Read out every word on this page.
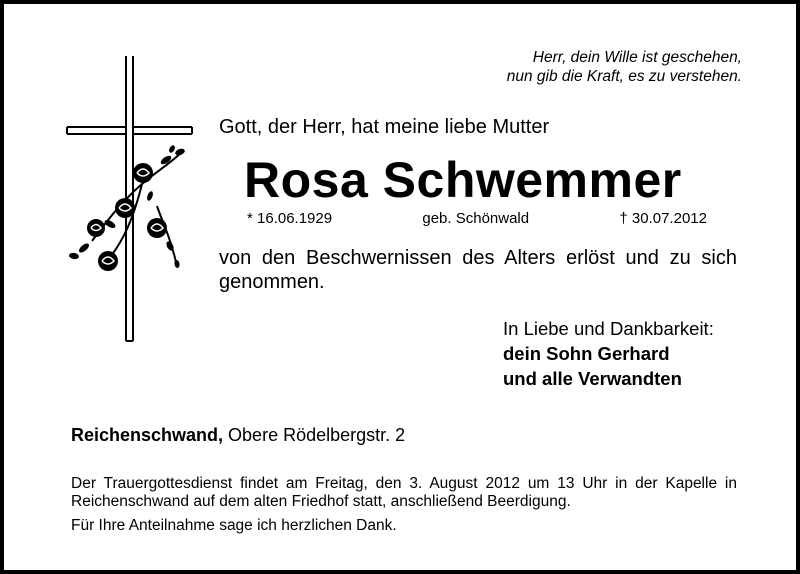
Herr, dein Wille ist geschehen,
nun gib die Kraft, es zu verstehen.
Gott, der Herr, hat meine liebe Mutter
Rosa Schwemmer
* 16.06.1929	geb. Schönwald	† 30.07.2012
von den Beschwernissen des Alters erlöst und zu sich genommen.
In Liebe und Dankbarkeit:
dein Sohn Gerhard
und alle Verwandten
Reichenschwand, Obere Rödelbergstr. 2
Der Trauergottesdienst findet am Freitag, den 3. August 2012 um 13 Uhr in der Kapelle in Reichenschwand auf dem alten Friedhof statt, anschließend Beerdigung.
Für Ihre Anteilnahme sage ich herzlichen Dank.
